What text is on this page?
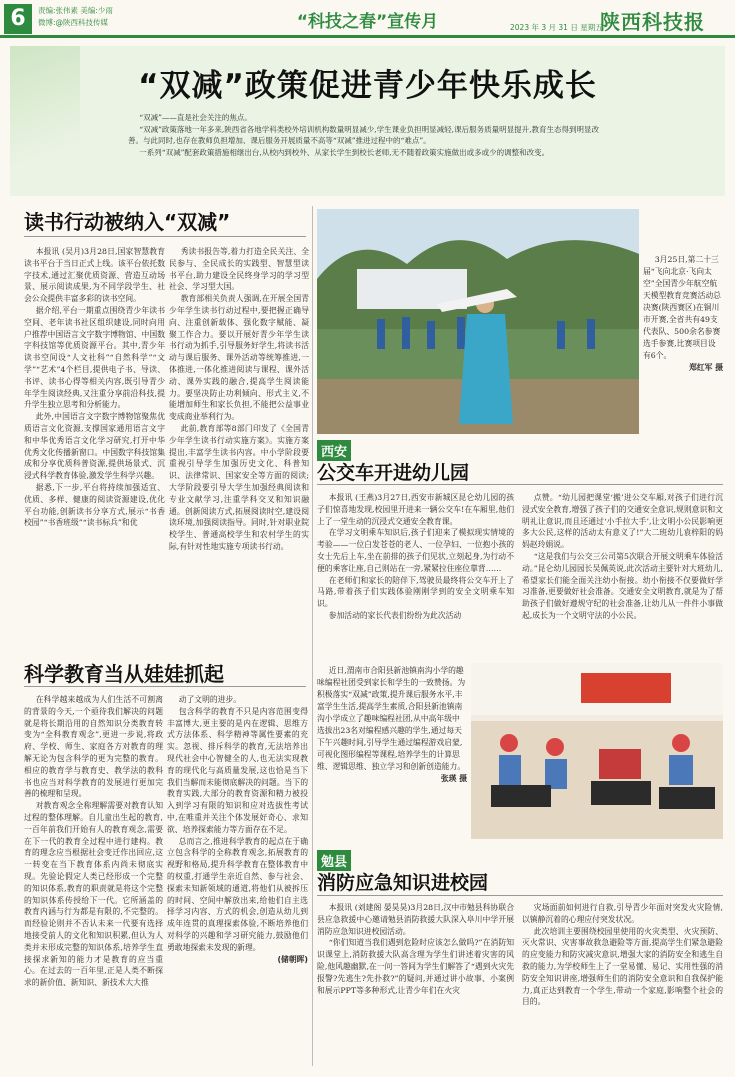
6	责编:张伟素 美编:少雨
微博:@陕西科技传媒	“科技之春”宣传月	2023 年 3 月 31 日 星期五
陕西科技报
“双减”政策促进青少年快乐成长

“双减”——直是社会关注的焦点。

“双减”政策落地一年多来,陕西省各地学科类校外培训机构数量明显减少,学生课业负担明显减轻,课后服务质量明显提升,教育生态得到明显改善。与此同时,也存在教师负担增加、课后服务开展质量不高等“双减”推进过程中的“难点”。

一系列“双减”配套政策措施相继出台,从校内到校外、从家长学生到校长老师,无不随着政策实施做出或多或少的调整和改变。

读书行动被纳入“双减”

本报讯 (吴月)3月28日,国家智慧教育读书平台于当日正式上线。该平台依托数字技术,通过汇聚优质资源、营造互动场景、展示阅读成果,为不同学段学生、社会公众提供丰富多彩的读书空间。

据介绍,平台一期重点围绕青少年读书空间、老年读书社区组织建设,同时向用户推荐中国语言文字数字博物馆、中国数字科技馆等优质资源平台。其中,青少年读书空间设“人文社科”“自然科学”“文学”“艺术”4个栏目,提供电子书、导读、书评、读书心得等相关内容,既引导青少年学生阅读经典,又注重分享前沿科技,提升学生独立思考和分析能力。

此外,中国语言文字数字博物馆聚焦优质语言文化资源,支撑国家通用语言文字和中华优秀语言文化学习研究,打开中华优秀文化传播新窗口。中国数字科技馆集成和分享优质科普资源,提供场景式、沉浸式科学教育体验,激发学生科学兴趣。

据悉,下一步,平台将持续加强适宜、优质、多样、健康的阅读资源建设,优化平台功能,创新读书分享方式,展示“书香校园”“书香班级”“读书标兵”和优

秀读书报告等,着力打造全民关注、全民参与、全民成长的实践型、智慧型读书平台,助力建设全民终身学习的学习型社会、学习型大国。

教育部相关负责人强调,在开展全国青少年学生读书行动过程中,要把握正确导向、注重创新载体、强化数字赋能、凝聚工作合力。要以开展好青少年学生读书行动为抓手,引导服务好学生,将读书活动与课后服务、课外活动等统筹推进,一体推进,一体化推进阅读与课程、课外活动、课外实践的融合,提高学生阅读能力。要坚决防止功利倾向、形式主义,不能增加师生和家长负担,不能把公益事业变成商业举利行为。

此前,教育部等8部门印发了《全国青少年学生读书行动实施方案》。实施方案提出,丰富学生读书内容。中小学阶段要重视引导学生加强历史文化、科普知识、法律常识、国家安全等方面的阅读;大学阶段要引导大学生加强经典阅读和专业文献学习,注重学科交叉和知识融通。创新阅读方式,拓展阅读时空,建设阅读环境,加强阅读指导。同时,针对职业院校学生、普通高校学生和农村学生的实际,有针对性地实施专项读书行动。

3月25日,第二十三届“飞向北京·飞向太空”全国青少年航空航天模型教育竞赛活动总决赛(陕西赛区)在铜川市开赛,全省共有49支代表队、500余名参赛选手参赛,比赛项目设有6个。

郑红军 摄
西安
公交车开进幼儿园

本报讯 (王燕)3月27日,西安市新城区昆仑幼儿园的孩子们惊喜地发现,校园里开进来一辆公交车!在车厢里,他们上了一堂生动的沉浸式交通安全教育课。

在学习文明乘车知识后,孩子们迎来了模拟现实情境的考验——一位白发苍苍的老人、一位孕妇、一位抱小孩的女士先后上车,坐在前排的孩子们见状,立刻起身,为行动不便的乘客让座,自己则站在一旁,紧紧拉住座位靠背……

在老师们和家长的陪伴下,驾驶员最终将公交车开上了马路,带着孩子们实践体验刚刚学到的安全文明乘车知识。

参加活动的家长代表们纷纷为此次活动

点赞。“幼儿园把课堂‘搬’进公交车厢,对孩子们进行沉浸式安全教育,增强了孩子们的交通安全意识,规则意识和文明礼让意识,而且还通过‘小手拉大手’,让文明小公民影响更多大公民,这样的活动太有意义了!”大二班幼儿袁梓阳的妈妈赵玲娟说。

“这是我们与公交三公司第5次联合开展文明乘车体验活动。”昆仑幼儿园园长吴佩英说,此次活动主要针对大班幼儿,希望家长们能全面关注幼小衔接。幼小衔接不仅要做好学习准备,更要做好社会准备。交通安全文明教育,就是为了帮助孩子们做好遵规守纪的社会准备,让幼儿从一件件小事做起,成长为一个文明守法的小公民。

科学教育当从娃娃抓起

在科学越来越成为人们生活不可割离的背景的今天,一个亟待我们解决的问题就是将长期沿用的自然知识分类教育转变为“全科教育观念”,更进一步说,将政府、学校、师生、家庭各方对教育的理解无论为包含科学的更为完整的教育。相应的教育学与教育史、教学法的教科书也应当对科学教育的发展进行更加完善的梳理和呈现。

对教育观念全称理解需要对教育认知过程的整体理解。自儿童出生起的教育,一百年前我们开始有人的教育观念,需要在下一代的教育全过程中进行建构。教育的理念应当根据社会变迁作出回应,这一转变在当下教育体系内尚未彻底实现。先验论假定人类已经形成一个完整的知识体系,教育的职责就是将这个完整的知识体系传授给下一代。它所涵盖的教育内涵与行为都是有限的,不完整的。而经验论则并不否认未来一代要有选择地接受前人的文化和知识积累,但认为人类并未形成完整的知识体系,培养学生直接探求新知的能力才是教育的应当重心。在过去的一百年里,正是人类不断探求的新价值、新知识、新技术大大推

动了文明的进步。

包含科学的教育不只是内容范围变得丰富博大,更主要的是内在逻辑、思维方式方法体系、科学精神等属性要素的充实。忽视、排斥科学的教育,无法培养出现代社会中心智健全的人,也无法实现教育的现代化与高质量发展,这也恰是当下我们当解而未能彻底解决的问题。当下的教育实践,大部分的教育资源和精力被投入到学习有限的知识和应对选拔性考试中,在唯重并关注个体发展好奇心、求知欲、培养探索能力等方面存在不足。

总而言之,推进科学教育的起点在于确立包含科学的全称教育观念,拓展教育的视野和格局,提升科学教育在整体教育中的权重,打通学生亲近自然、参与社会、探索未知新领域的通道,将他们从被拆压的时间、空间中解放出来,给他们自主选择学习内容、方式的机会,创造从幼儿到成年连贯的真理探索体验,不断培养他们对科学的兴趣和学习研究能力,鼓励他们勇敢地探索未发现的新理。

(储朝晖)

近日,渭南市合阳县新池镇南沟小学的趣味编程社团受到家长和学生的一致赞扬。为积极落实“双减”政策,提升课后服务水平,丰富学生生活,提高学生素质,合阳县新池镇南沟小学成立了趣味编程社团,从中高年级中选拔出23名对编程感兴趣的学生,通过每天下午兴趣时间,引导学生通过编程游戏启蒙,可视化图形编程等课程,培养学生的计算思维、逻辑思维、独立学习和创新创造能力。

张瑛 摄
勉县
消防应急知识进校园

本报讯 (刘建阁 晏昊昊)3月28日,汉中市勉县科协联合县应急救援中心邀请勉县消防救援大队深入阜川中学开展消防应急知识进校园活动。

“你们知道当我们遇到危险时应该怎么做吗?”在消防知识课堂上,消防救援大队高含理为学生们讲述着灾害的风险,他风趣幽默,在一问一答间为学生们解答了“遇到火灾先报警?先逃生?先扑救?”的疑问,并通过讲小故事、小案例和展示PPT等多种形式,让青少年们在火灾

灾场面前如何进行自救,引导青少年面对突发火灾险情,以镇静沉着的心理应付突发状况。

此次培训主要围绕校园里使用的火灾类型、火灾预防、灭火常识、灾害事故救急避险等方面,提高学生们紧急避险的应变能力和防灾减灾意识,增强大家的消防安全和逃生自救的能力,为学校师生上了一堂易懂、易记、实用性强的消防安全知识讲座,增强师生们的消防安全意识和自我保护能力,真正达到教育一个学生,带动一个家庭,影响整个社会的目的。
